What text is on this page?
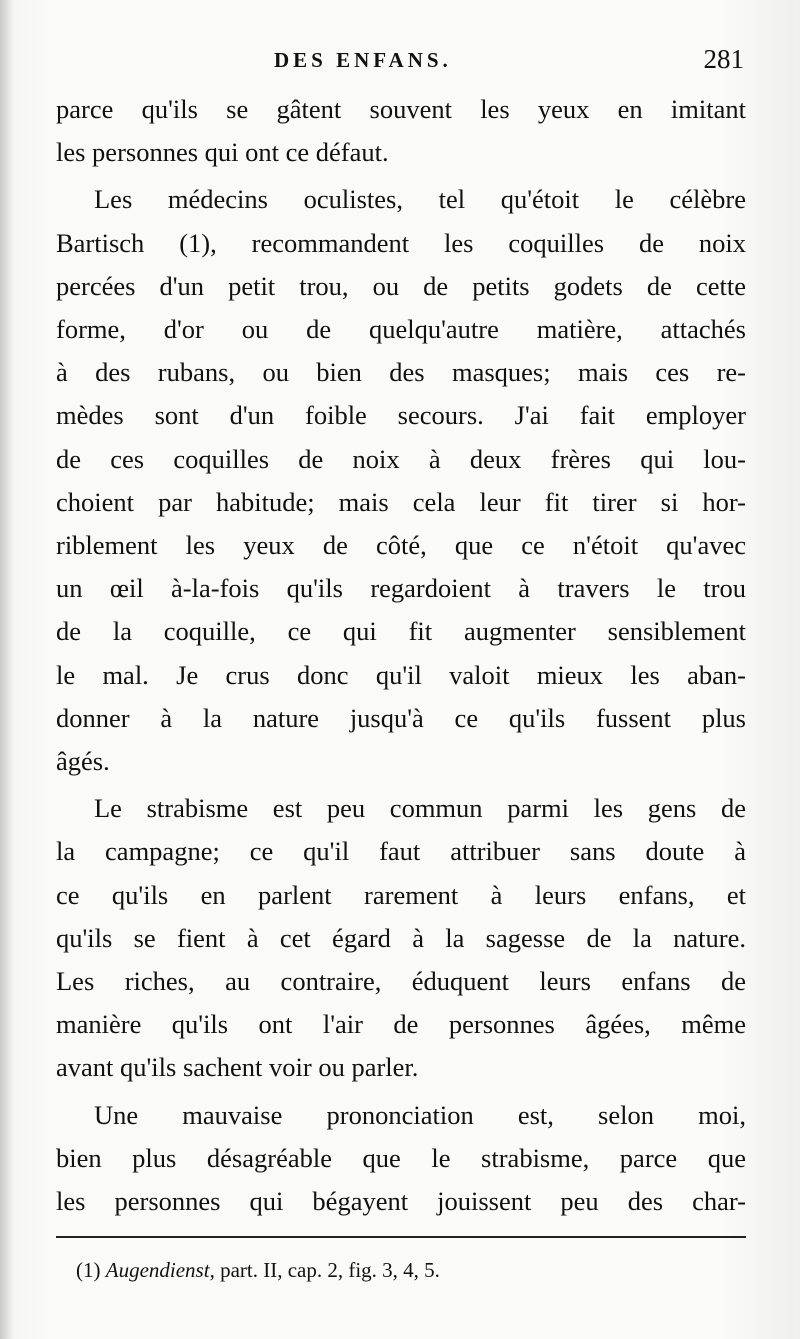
DES ENFANS.	281
parce qu'ils se gâtent souvent les yeux en imitant
les personnes qui ont ce défaut.
Les médecins oculistes, tel qu'étoit le célèbre
Bartisch (1), recommandent les coquilles de noix
percées d'un petit trou, ou de petits godets de cette
forme, d'or ou de quelqu'autre matière, attachés
à des rubans, ou bien des masques; mais ces re-
mèdes sont d'un foible secours. J'ai fait employer
de ces coquilles de noix à deux frères qui lou-
choient par habitude; mais cela leur fit tirer si hor-
riblement les yeux de côté, que ce n'étoit qu'avec
un œil à-la-fois qu'ils regardoient à travers le trou
de la coquille, ce qui fit augmenter sensiblement
le mal. Je crus donc qu'il valoit mieux les aban-
donner à la nature jusqu'à ce qu'ils fussent plus
âgés.
Le strabisme est peu commun parmi les gens de
la campagne; ce qu'il faut attribuer sans doute à
ce qu'ils en parlent rarement à leurs enfans, et
qu'ils se fient à cet égard à la sagesse de la nature.
Les riches, au contraire, éduquent leurs enfans de
manière qu'ils ont l'air de personnes âgées, même
avant qu'ils sachent voir ou parler.
Une mauvaise prononciation est, selon moi,
bien plus désagréable que le strabisme, parce que
les personnes qui bégayent jouissent peu des char-
(1) Augendienst, part. II, cap. 2, fig. 3, 4, 5.
